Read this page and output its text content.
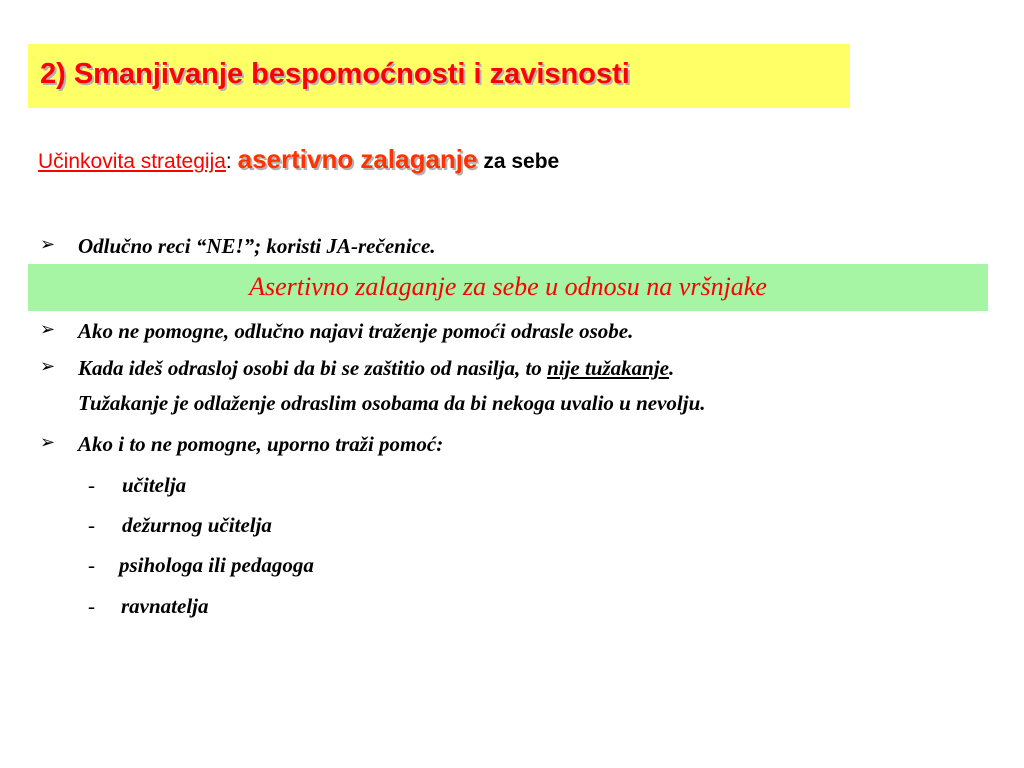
2) Smanjivanje bespomoćnosti i zavisnosti
Učinkovita strategija: asertivno zalaganje za sebe
➢ Odlučno reci “NE!”; koristi JA-rečenice.
Asertivno zalaganje za sebe u odnosu na vršnjake
➢ Ako ne pomogne, odlučno najavi traženje pomoći odrasle osobe.
➢ Kada ideš odrasloj osobi da bi se zaštitio od nasilja, to nije tužakanje.
Tužakanje je odlaženje odraslim osobama da bi nekoga uvalio u nevolju.
➢ Ako i to ne pomogne, uporno traži pomoć:
- učitelja
- dežurnog učitelja
- psihologa ili pedagoga
- ravnatelja
